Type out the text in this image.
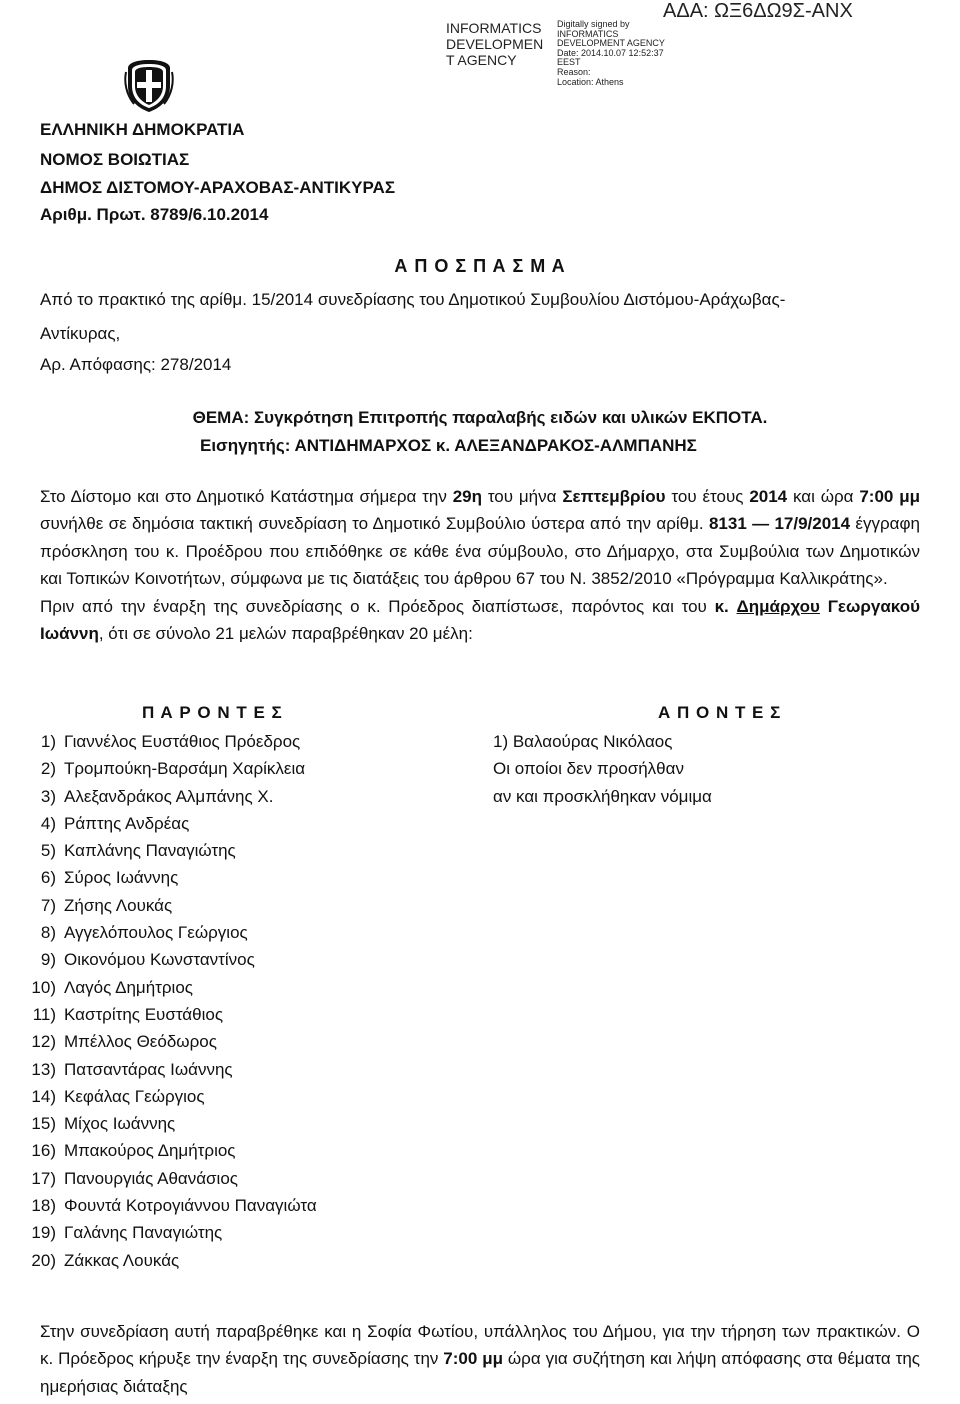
INFORMATICS
DEVELOPMEN
T AGENCY
Digitally signed by
INFORMATICS
DEVELOPMENT AGENCY
Date: 2014.10.07 12:52:37
EEST
Reason:
Location: Athens
ΑΔΑ: ΩΞ6ΔΩ9Σ-ΑΝΧ
ΕΛΛΗΝΙΚΗ ΔΗΜΟΚΡΑΤΙΑ
ΝΟΜΟΣ ΒΟΙΩΤΙΑΣ
ΔΗΜΟΣ ΔΙΣΤΟΜΟΥ-ΑΡΑΧΟΒΑΣ-ΑΝΤΙΚΥΡΑΣ
Αριθμ. Πρωτ. 8789/6.10.2014
Α Π Ο Σ Π Α Σ Μ Α
Από το πρακτικό της αρίθμ. 15/2014 συνεδρίασης του Δημοτικού Συμβουλίου Διστόμου-Αράχωβας-
Αντίκυρας,
Αρ. Απόφασης: 278/2014
ΘΕΜΑ: Συγκρότηση Επιτροπής παραλαβής ειδών και υλικών ΕΚΠΟΤΑ.
Εισηγητής: ΑΝΤΙΔΗΜΑΡΧΟΣ κ. ΑΛΕΞΑΝΔΡΑΚΟΣ-ΑΛΜΠΑΝΗΣ
Στο Δίστομο και στο Δημοτικό Κατάστημα σήμερα την 29η του μήνα Σεπτεμβρίου του έτους 2014 και ώρα 7:00 μμ συνήλθε σε δημόσια τακτική συνεδρίαση το Δημοτικό Συμβούλιο ύστερα από την αρίθμ. 8131 — 17/9/2014 έγγραφη πρόσκληση του κ. Προέδρου που επιδόθηκε σε κάθε ένα σύμβουλο, στο Δήμαρχο, στα Συμβούλια των Δημοτικών και Τοπικών Κοινοτήτων, σύμφωνα με τις διατάξεις του άρθρου 67 του Ν. 3852/2010 «Πρόγραμμα Καλλικράτης».
Πριν από την έναρξη της συνεδρίασης ο κ. Πρόεδρος διαπίστωσε, παρόντος και του κ. Δημάρχου Γεωργακού Ιωάννη, ότι σε σύνολο 21 μελών παραβρέθηκαν 20 μέλη:
Π Α Ρ Ο Ν Τ Ε Σ	Α Π Ο Ν Τ Ε Σ
1) Γιαννέλος Ευστάθιος Πρόεδρος
2) Τρομπούκη-Βαρσάμη Χαρίκλεια
3) Αλεξανδράκος Αλμπάνης Χ.
4) Ράπτης Ανδρέας
5) Καπλάνης Παναγιώτης
6) Σύρος Ιωάννης
7) Ζήσης Λουκάς
8) Αγγελόπουλος Γεώργιος
9) Οικονόμου Κωνσταντίνος
10) Λαγός Δημήτριος
11) Καστρίτης Ευστάθιος
12) Μπέλλος Θεόδωρος
13) Πατσαντάρας Ιωάννης
14) Κεφάλας Γεώργιος
15) Μίχος Ιωάννης
16) Μπακούρος Δημήτριος
17) Πανουργιάς Αθανάσιος
18) Φουντά Κοτρογιάννου Παναγιώτα
19) Γαλάνης Παναγιώτης
20) Ζάκκας Λουκάς
1) Βαλαούρας Νικόλαος
Οι οποίοι δεν προσήλθαν
αν και προσκλήθηκαν νόμιμα
Στην συνεδρίαση αυτή παραβρέθηκε και η Σοφία Φωτίου, υπάλληλος του Δήμου, για την τήρηση των πρακτικών. Ο κ. Πρόεδρος κήρυξε την έναρξη της συνεδρίασης την 7:00 μμ ώρα για συζήτηση και λήψη απόφασης στα θέματα της ημερήσιας διάταξης
